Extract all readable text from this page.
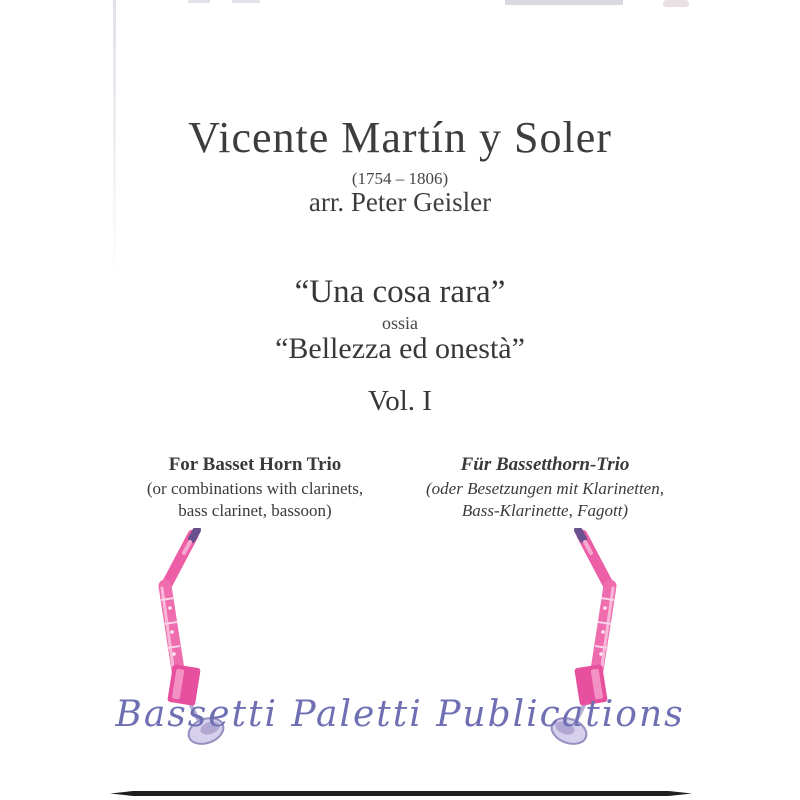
Vicente Martín y Soler
(1754 – 1806)
arr. Peter Geisler
“Una cosa rara”
ossia
“Bellezza ed onestà”
Vol. I
For Basset Horn Trio
(or combinations with clarinets,
bass clarinet, bassoon)
Für Bassetthorn-Trio
(oder Besetzungen mit Klarinetten,
Bass-Klarinette, Fagott)
Bassetti Paletti Publications
